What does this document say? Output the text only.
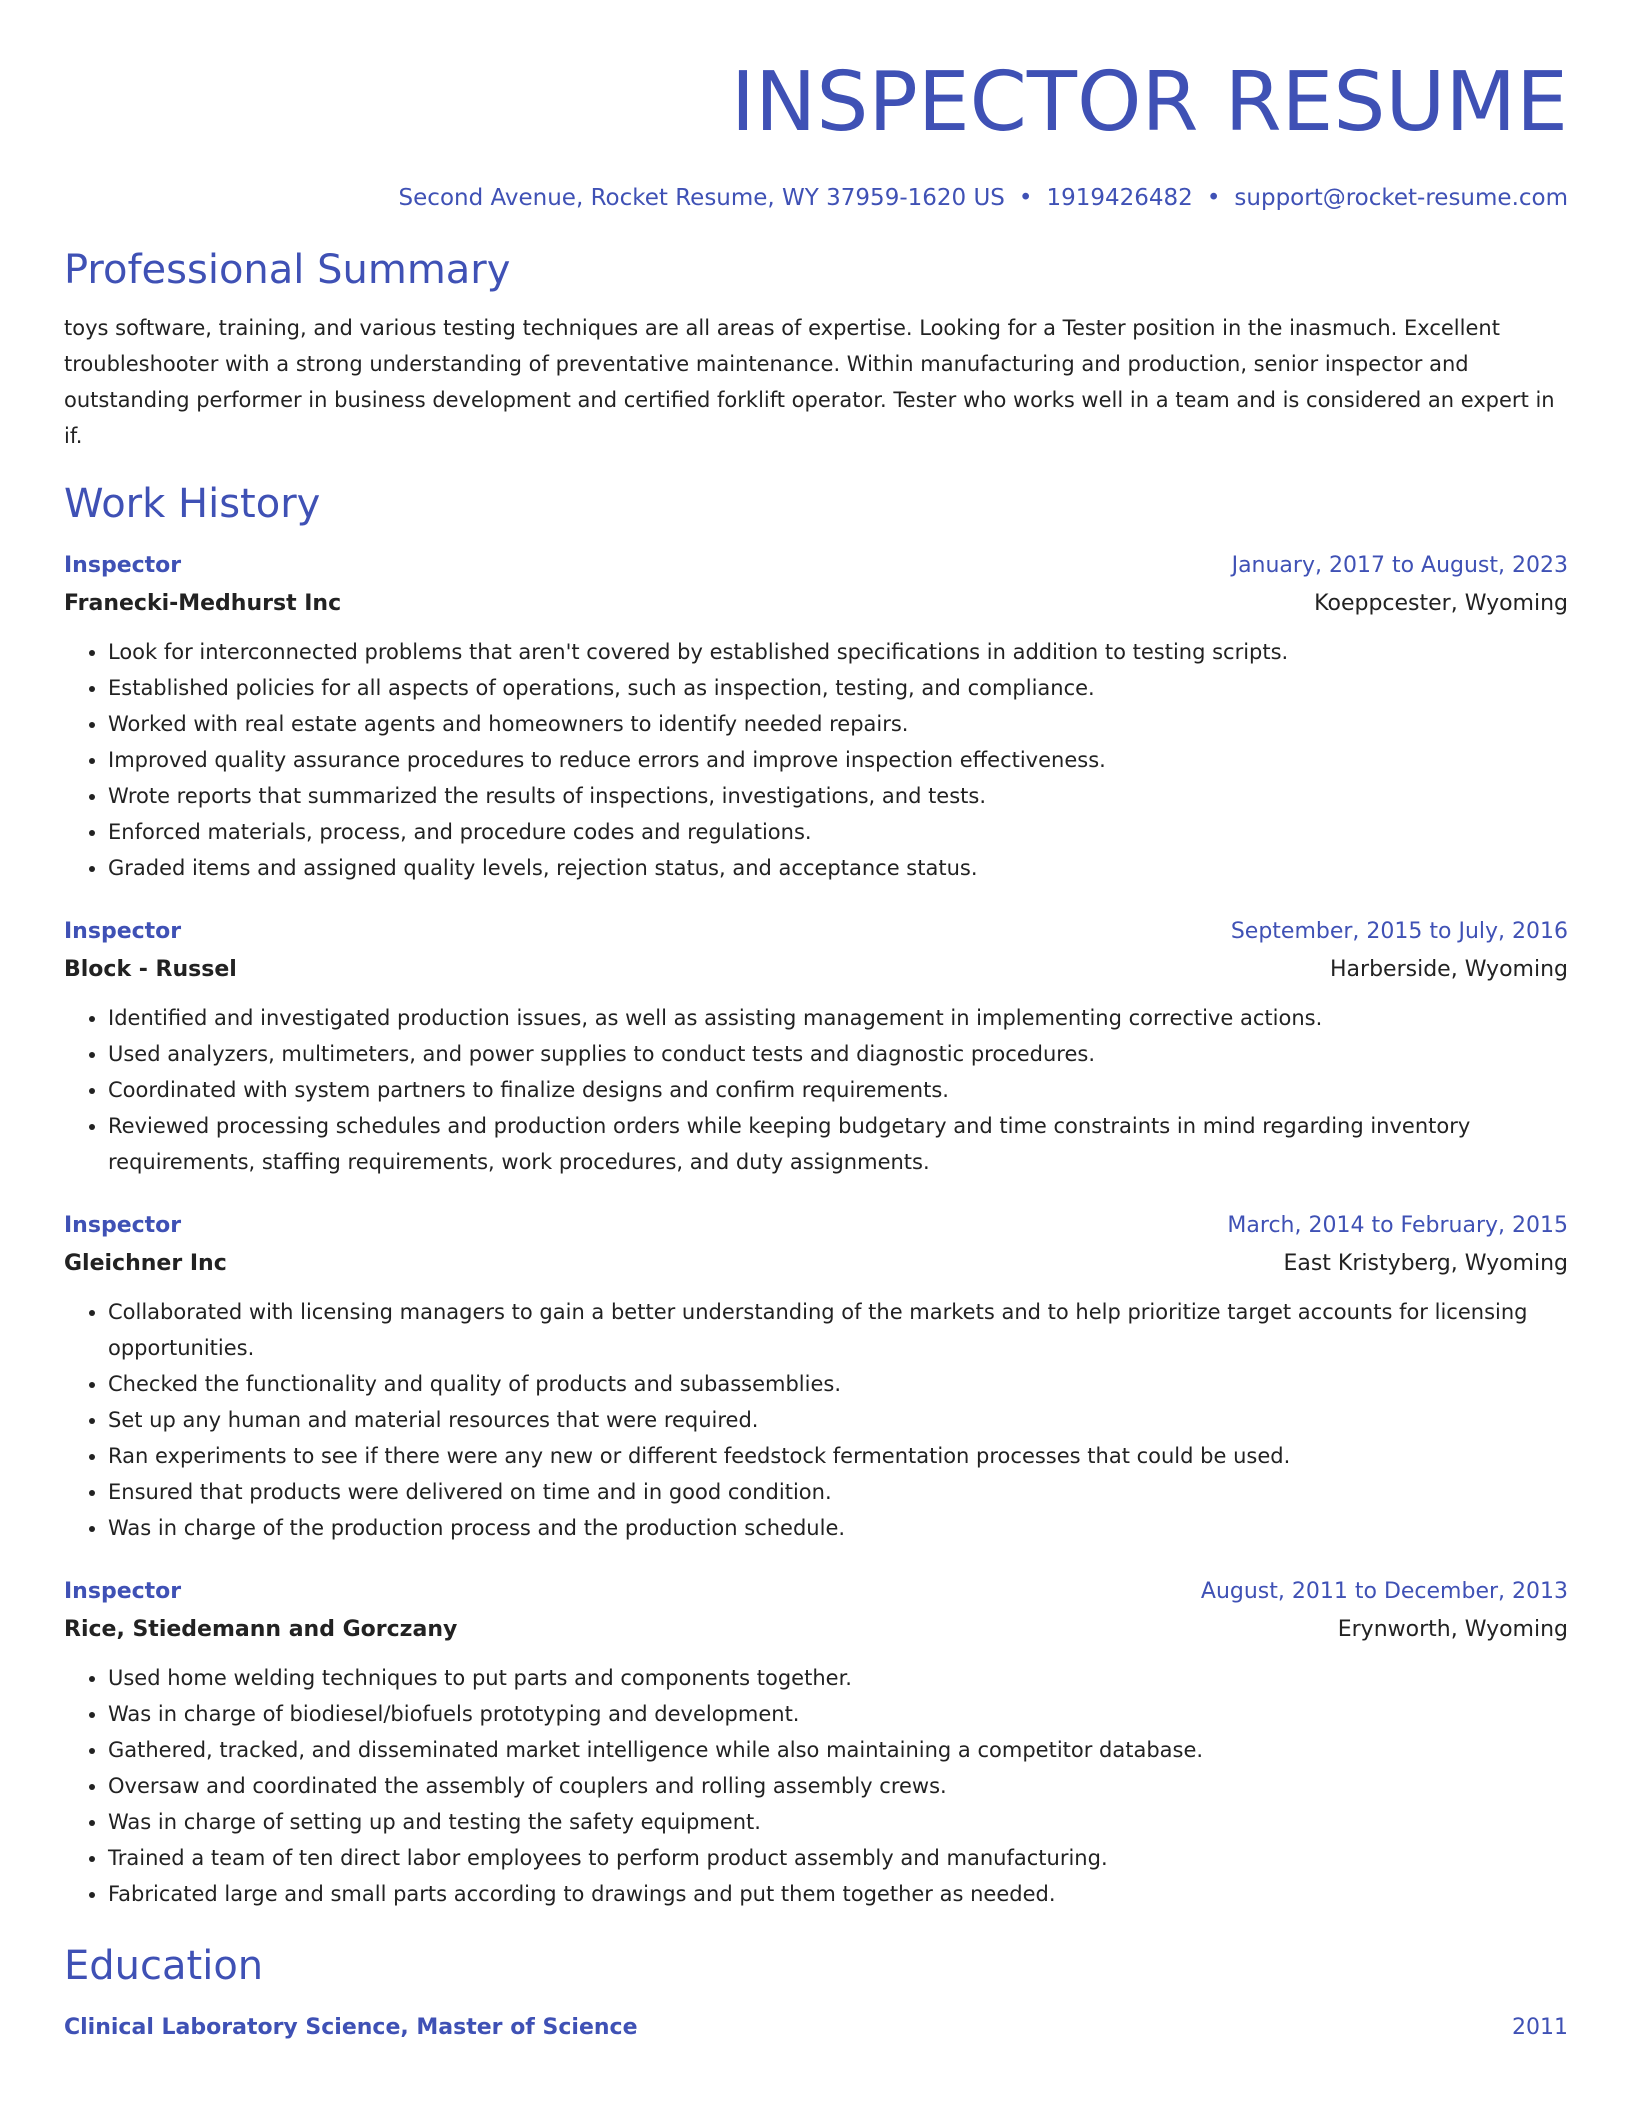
INSPECTOR RESUME
Second Avenue, Rocket Resume, WY 37959-1620 US • 1919426482 • support@rocket-resume.com
Professional Summary
toys software, training, and various testing techniques are all areas of expertise. Looking for a Tester position in the inasmuch. Excellent troubleshooter with a strong understanding of preventative maintenance. Within manufacturing and production, senior inspector and outstanding performer in business development and certified forklift operator. Tester who works well in a team and is considered an expert in if.
Work History
Inspector	January, 2017 to August, 2023
Franecki-Medhurst Inc	Koeppcester, Wyoming
• Look for interconnected problems that aren't covered by established specifications in addition to testing scripts.
• Established policies for all aspects of operations, such as inspection, testing, and compliance.
• Worked with real estate agents and homeowners to identify needed repairs.
• Improved quality assurance procedures to reduce errors and improve inspection effectiveness.
• Wrote reports that summarized the results of inspections, investigations, and tests.
• Enforced materials, process, and procedure codes and regulations.
• Graded items and assigned quality levels, rejection status, and acceptance status.
Inspector	September, 2015 to July, 2016
Block - Russel	Harberside, Wyoming
• Identified and investigated production issues, as well as assisting management in implementing corrective actions.
• Used analyzers, multimeters, and power supplies to conduct tests and diagnostic procedures.
• Coordinated with system partners to finalize designs and confirm requirements.
• Reviewed processing schedules and production orders while keeping budgetary and time constraints in mind regarding inventory requirements, staffing requirements, work procedures, and duty assignments.
Inspector	March, 2014 to February, 2015
Gleichner Inc	East Kristyberg, Wyoming
• Collaborated with licensing managers to gain a better understanding of the markets and to help prioritize target accounts for licensing opportunities.
• Checked the functionality and quality of products and subassemblies.
• Set up any human and material resources that were required.
• Ran experiments to see if there were any new or different feedstock fermentation processes that could be used.
• Ensured that products were delivered on time and in good condition.
• Was in charge of the production process and the production schedule.
Inspector	August, 2011 to December, 2013
Rice, Stiedemann and Gorczany	Erynworth, Wyoming
• Used home welding techniques to put parts and components together.
• Was in charge of biodiesel/biofuels prototyping and development.
• Gathered, tracked, and disseminated market intelligence while also maintaining a competitor database.
• Oversaw and coordinated the assembly of couplers and rolling assembly crews.
• Was in charge of setting up and testing the safety equipment.
• Trained a team of ten direct labor employees to perform product assembly and manufacturing.
• Fabricated large and small parts according to drawings and put them together as needed.
Education
Clinical Laboratory Science, Master of Science	2011
